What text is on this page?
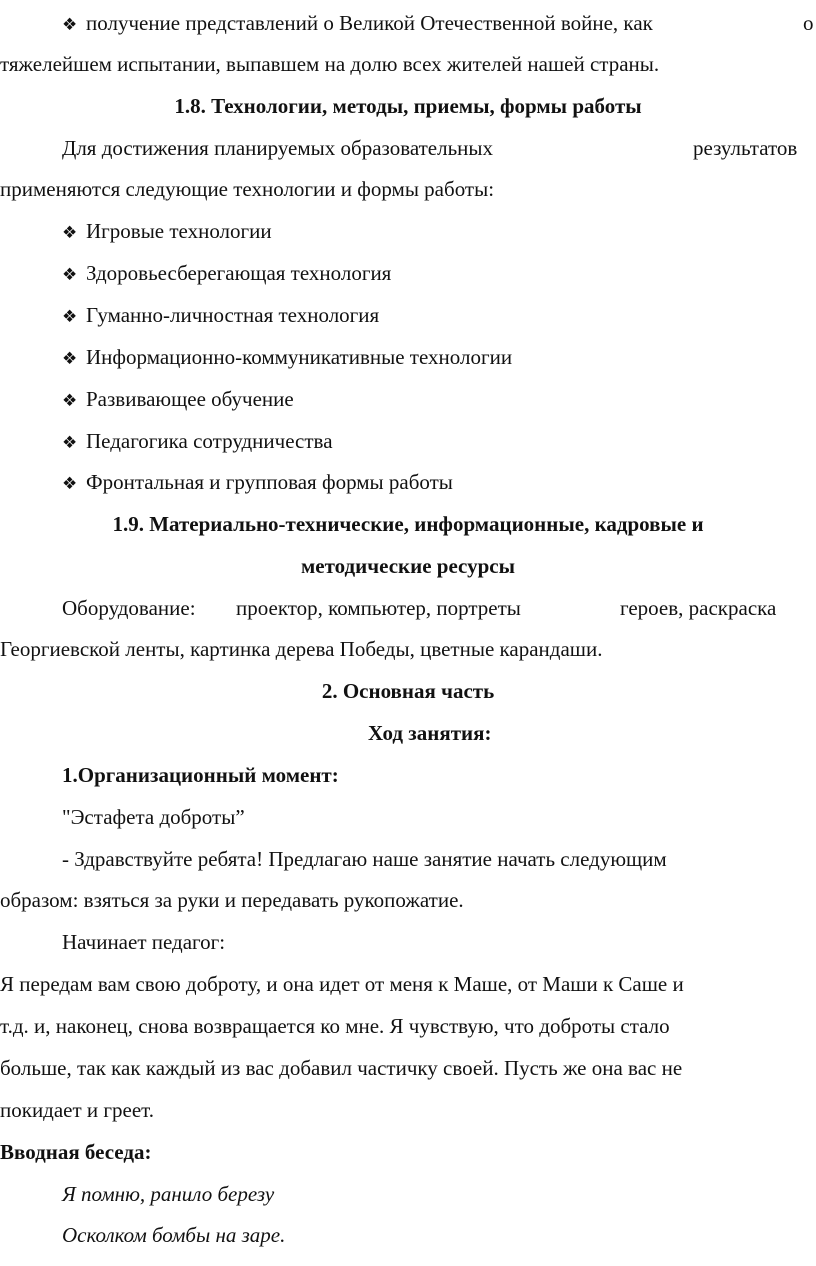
❖ получение представлений о Великой Отечественной войне, как	о
тяжелейшем испытании, выпавшем на долю всех жителей нашей страны.
1.8. Технологии, методы, приемы, формы работы
Для достижения планируемых образовательных	результатов
применяются следующие технологии и формы работы:
❖ Игровые технологии
❖ Здоровьесберегающая технология
❖ Гуманно-личностная технология
❖ Информационно-коммуникативные технологии
❖ Развивающее обучение
❖ Педагогика сотрудничества
❖ Фронтальная и групповая формы работы
1.9. Материально-технические, информационные, кадровые и
методические ресурсы
Оборудование: проектор, компьютер, портреты	героев, раскраска
Георгиевской ленты, картинка дерева Победы, цветные карандаши.
2. Основная часть
Ход занятия:
1.Организационный момент:
"Эстафета доброты”
- Здравствуйте ребята! Предлагаю наше занятие начать следующим
образом: взяться за руки и передавать рукопожатие.
Начинает педагог:
Я передам вам свою доброту, и она идет от меня к Маше, от Маши к Саше и
т.д. и, наконец, снова возвращается ко мне. Я чувствую, что доброты стало
больше, так как каждый из вас добавил частичку своей. Пусть же она вас не
покидает и греет.
Вводная беседа:
Я помню, ранило березу
Осколком бомбы на заре.
